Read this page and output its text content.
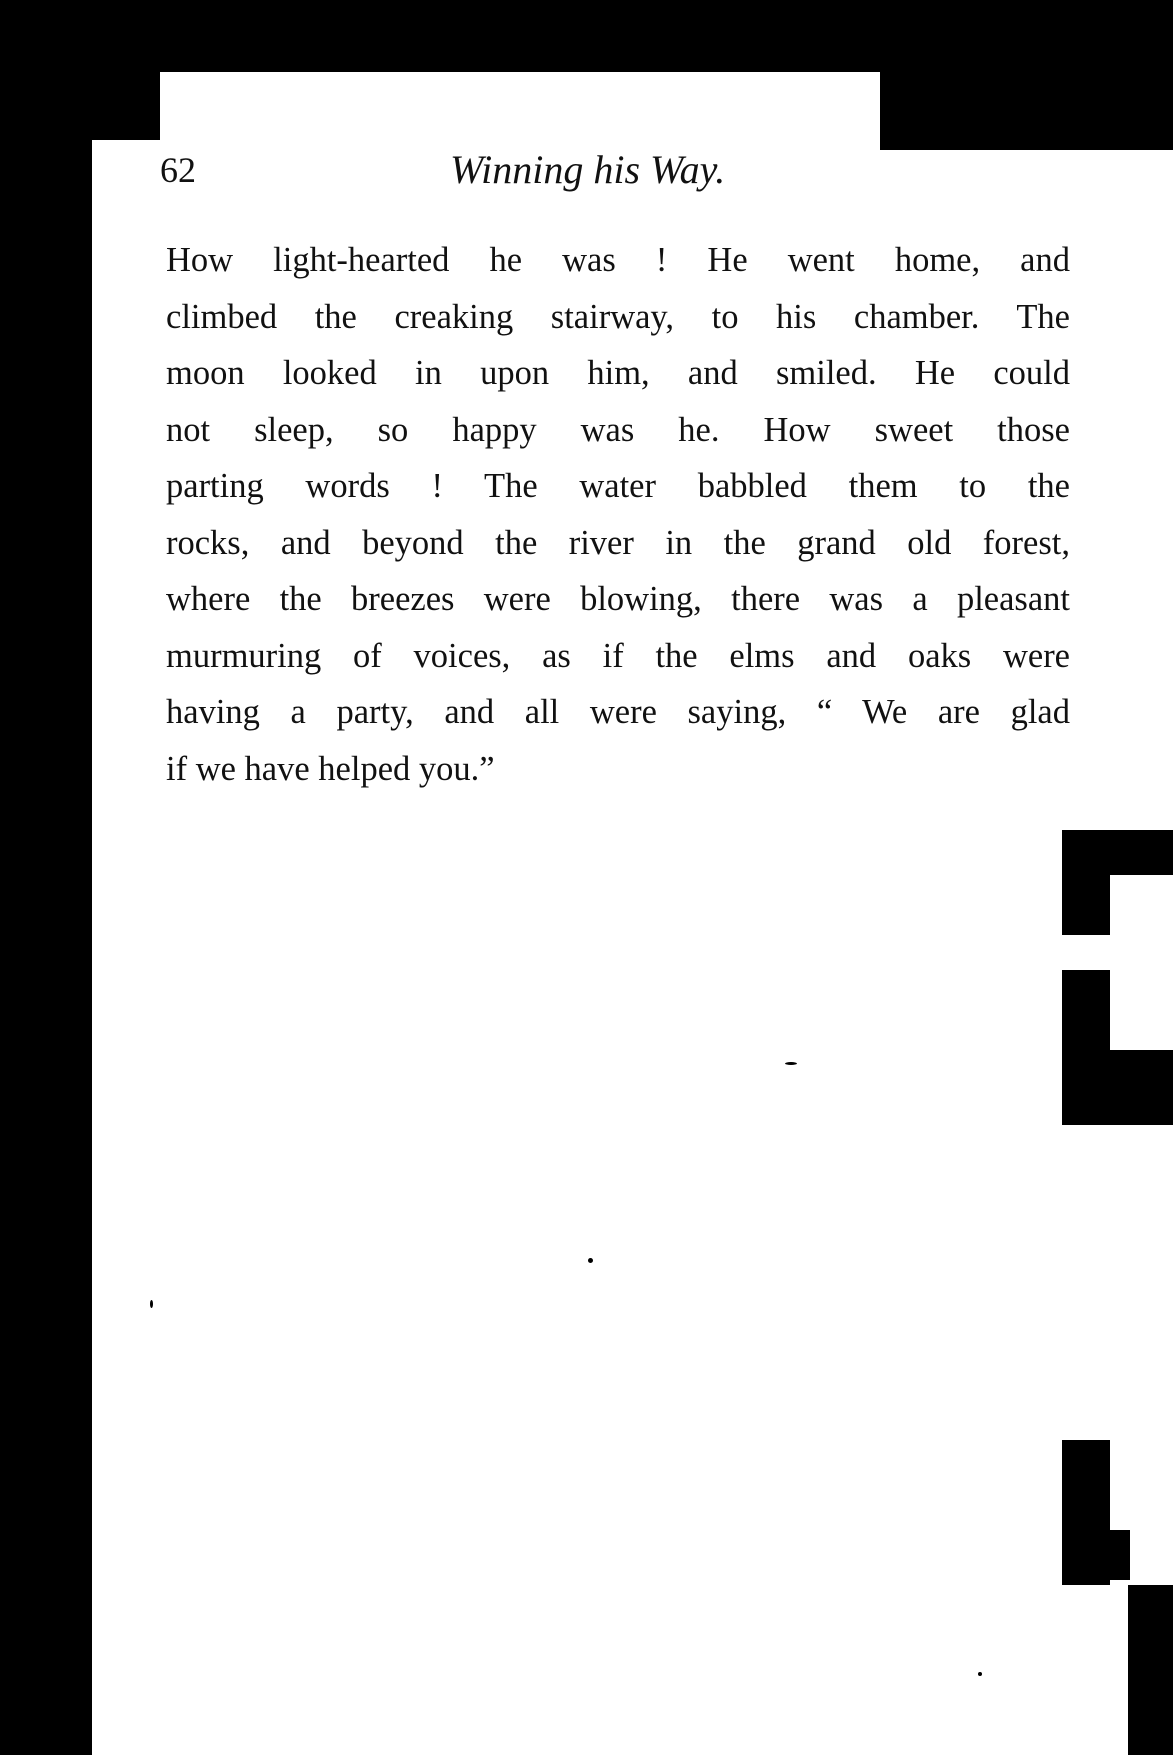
62	Winning his Way.
How light-hearted he was ! He went home, and
climbed the creaking stairway, to his chamber. The
moon looked in upon him, and smiled. He could
not sleep, so happy was he. How sweet those
parting words ! The water babbled them to the
rocks, and beyond the river in the grand old forest,
where the breezes were blowing, there was a pleasant
murmuring of voices, as if the elms and oaks were
having a party, and all were saying, “ We are glad
if we have helped you.”
